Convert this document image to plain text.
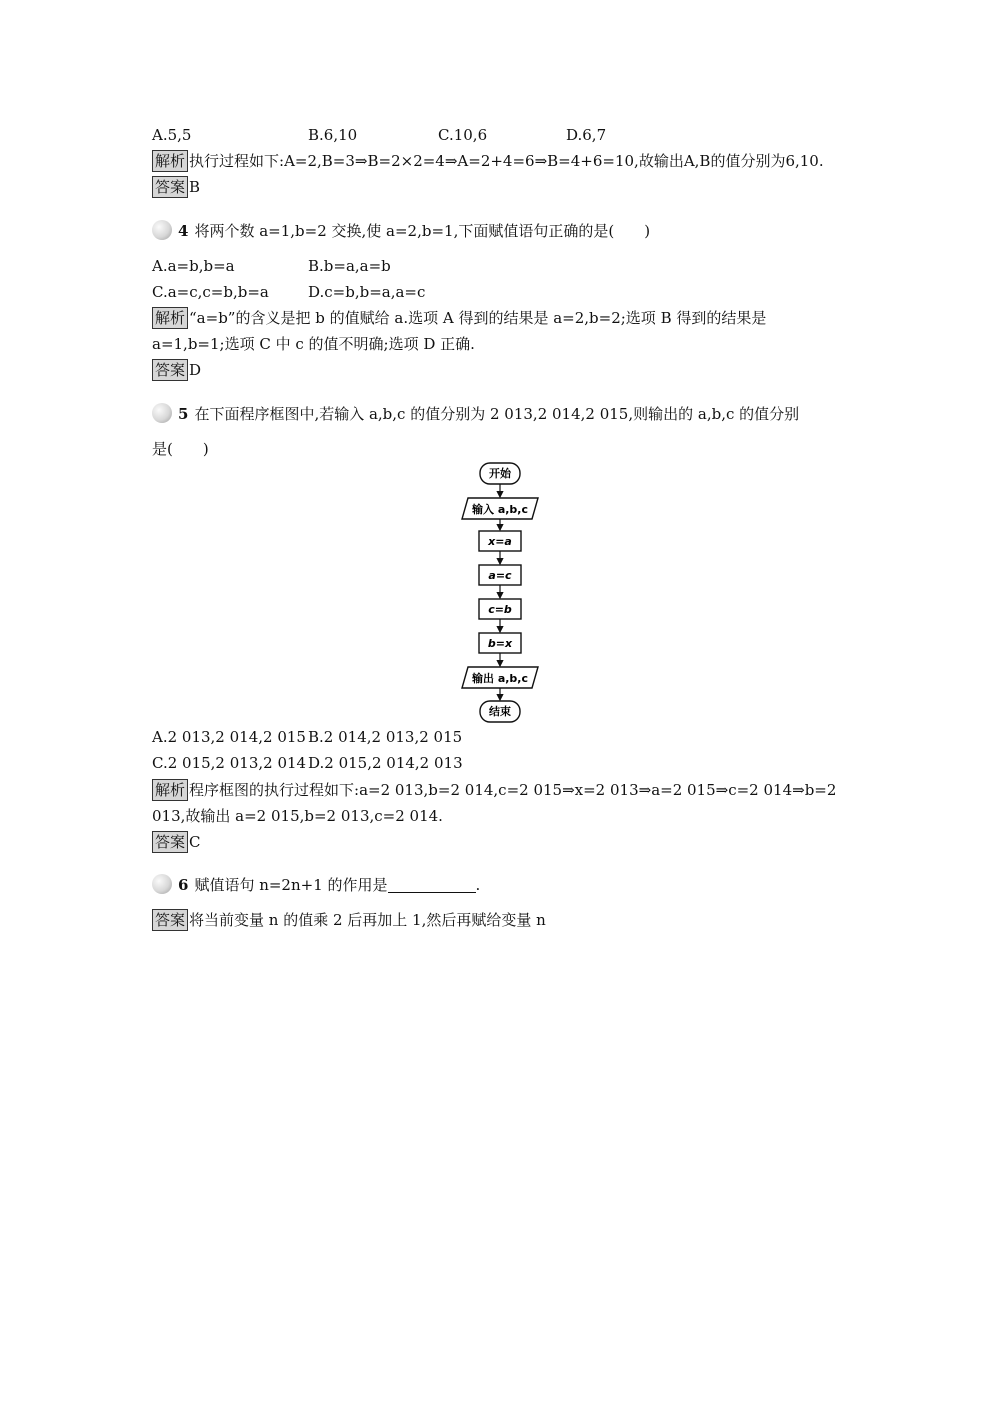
A.5,5	B.6,10	C.10,6	D.6,7
解析 执行过程如下:A=2,B=3⇒B=2×2=4⇒A=2+4=6⇒B=4+6=10,故输出A,B的值分别为6,10.
答案 B
4 将两个数 a=1,b=2 交换,使 a=2,b=1,下面赋值语句正确的是(　　)
A.a=b,b=a	B.b=a,a=b
C.a=c,c=b,b=a	D.c=b,b=a,a=c
解析 “a=b”的含义是把 b 的值赋给 a.选项 A 得到的结果是 a=2,b=2;选项 B 得到的结果是
a=1,b=1;选项 C 中 c 的值不明确;选项 D 正确.
答案 D
5 在下面程序框图中,若输入 a,b,c 的值分别为 2 013,2 014,2 015,则输出的 a,b,c 的值分别
是(　　)
开始
输入 a,b,c
x=a
a=c
c=b
b=x
输出 a,b,c
结束
A.2 013,2 014,2 015 B.2 014,2 013,2 015
C.2 015,2 013,2 014 D.2 015,2 014,2 013
解析 程序框图的执行过程如下:a=2 013,b=2 014,c=2 015⇒x=2 013⇒a=2 015⇒c=2 014⇒b=2
013,故输出 a=2 015,b=2 013,c=2 014.
答案 C
6 赋值语句 n=2n+1 的作用是	.
答案 将当前变量 n 的值乘 2 后再加上 1,然后再赋给变量 n
